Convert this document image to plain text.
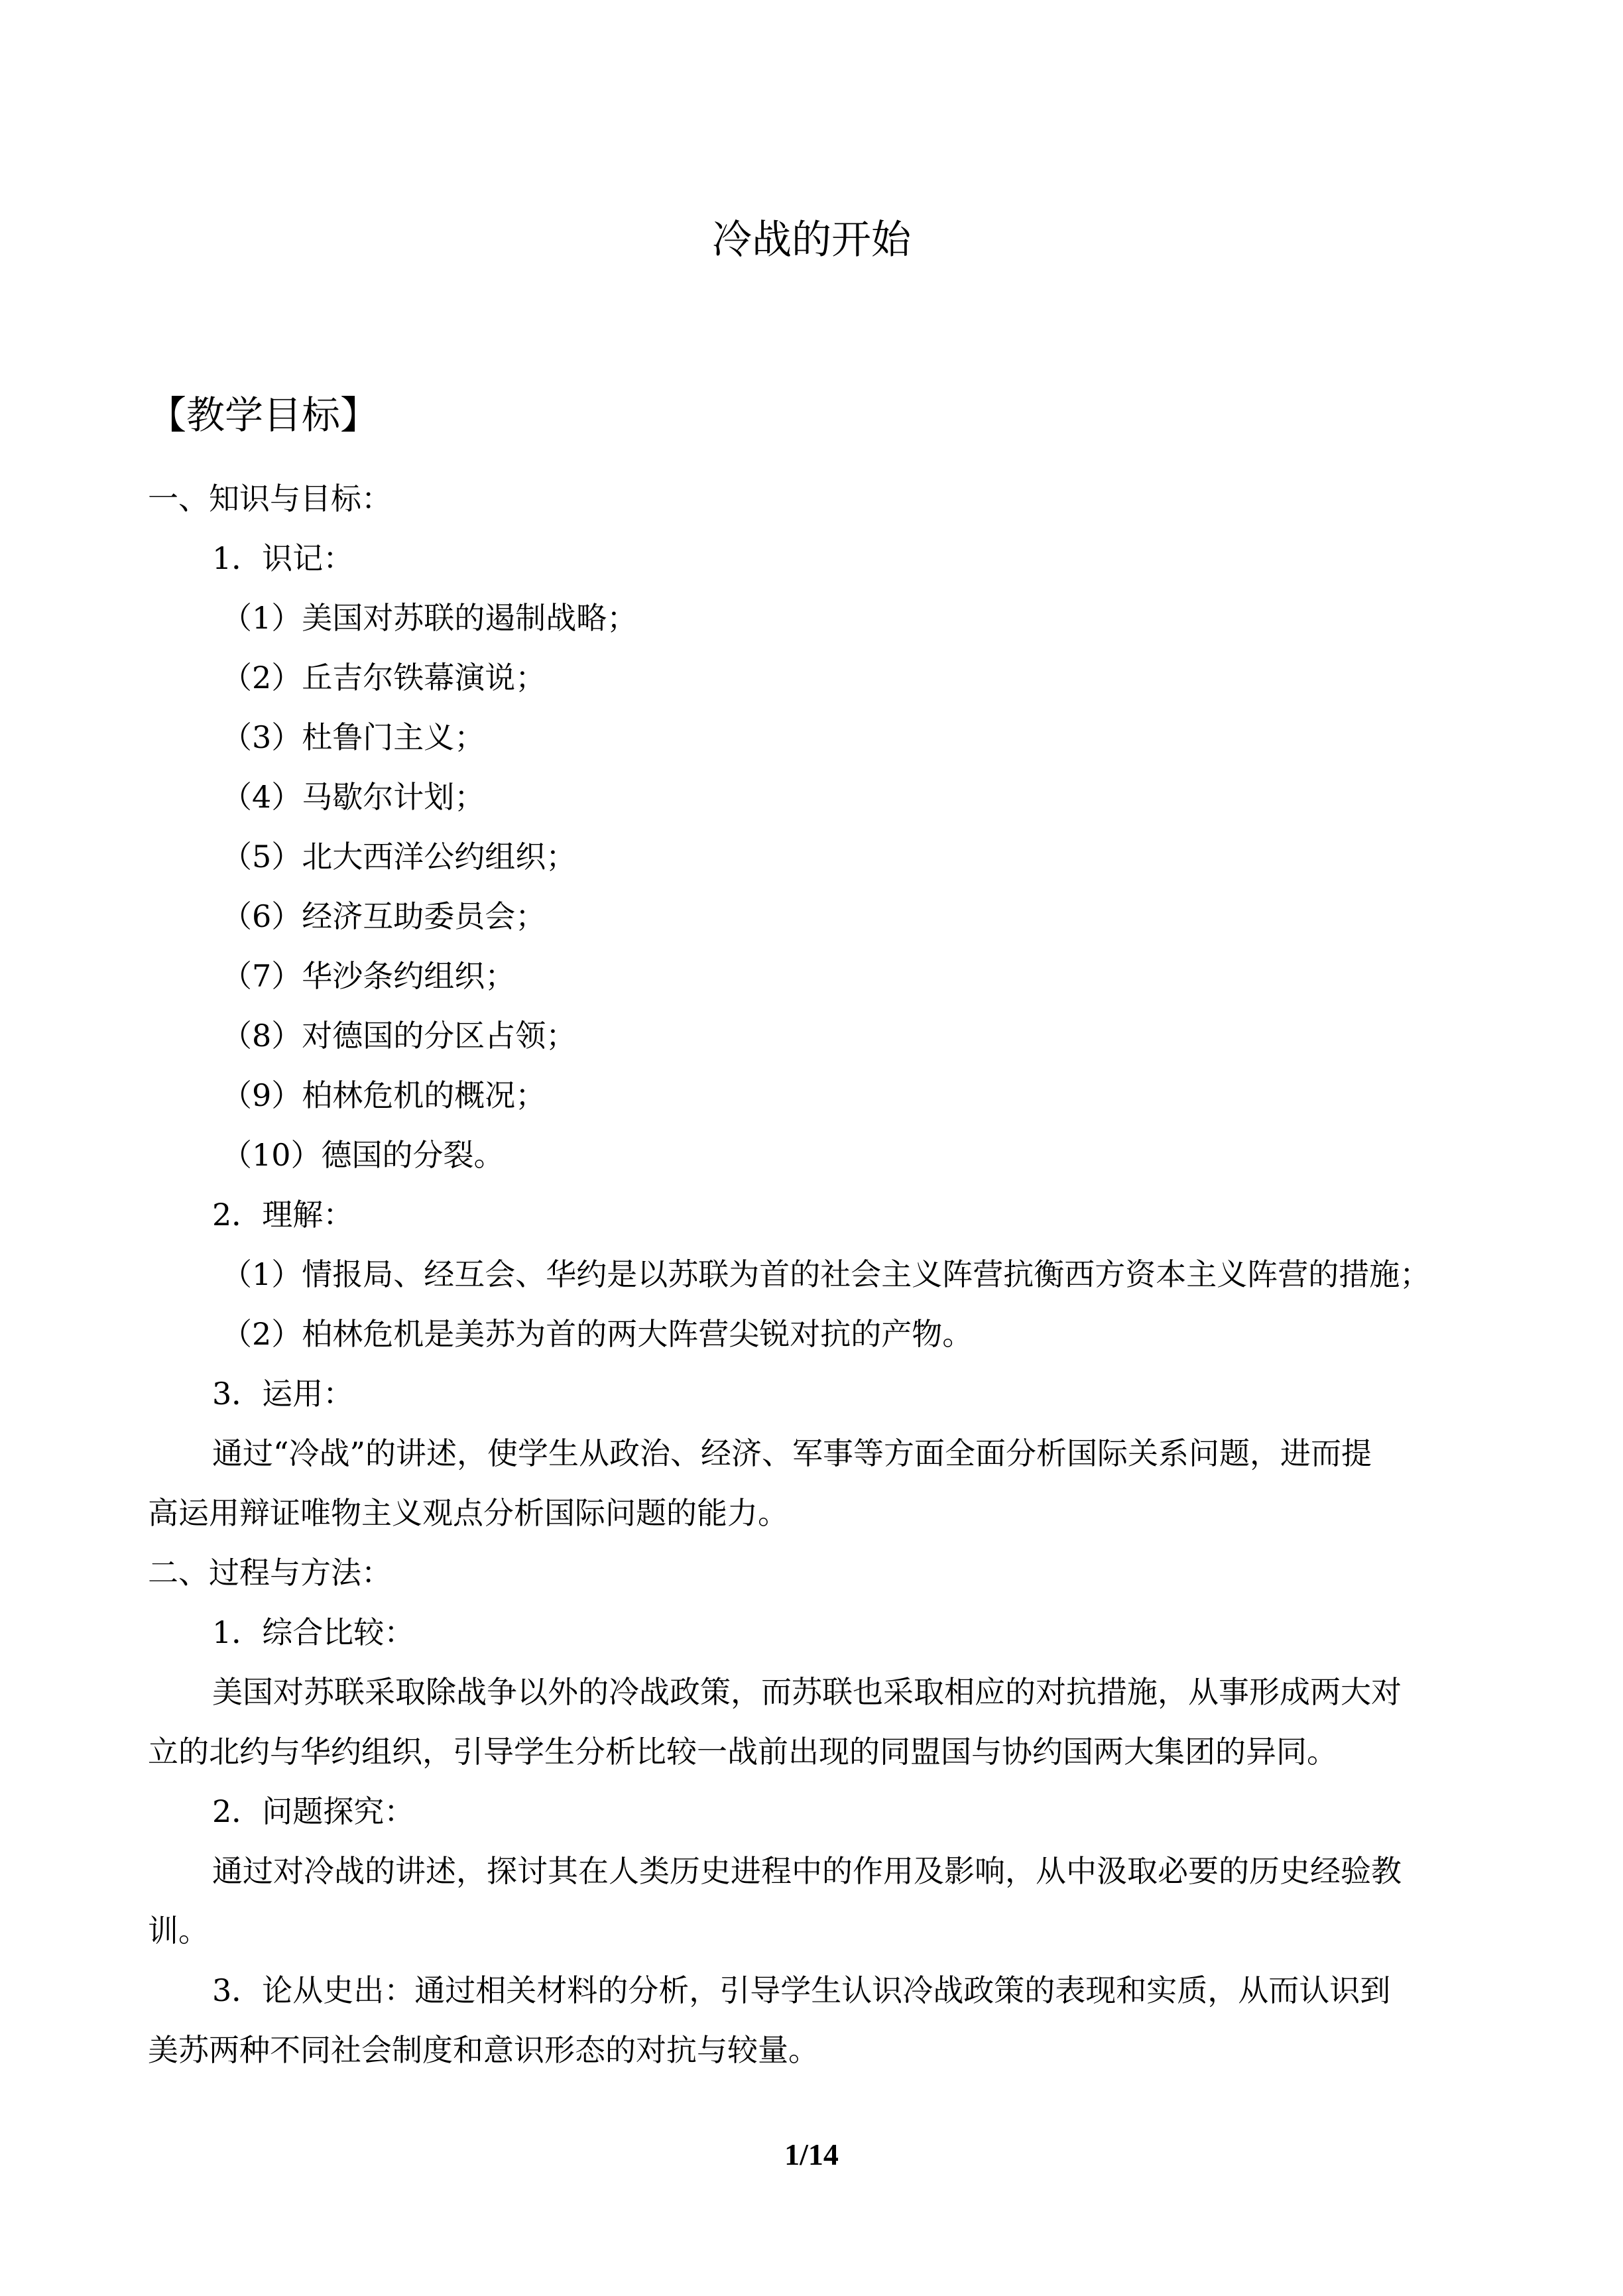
冷战的开始
【教学目标】
一、知识与目标：
1．识记：
（1）美国对苏联的遏制战略；
（2）丘吉尔铁幕演说；
（3）杜鲁门主义；
（4）马歇尔计划；
（5）北大西洋公约组织；
（6）经济互助委员会；
（7）华沙条约组织；
（8）对德国的分区占领；
（9）柏林危机的概况；
（10）德国的分裂。
2．理解：
（1）情报局、经互会、华约是以苏联为首的社会主义阵营抗衡西方资本主义阵营的措施；
（2）柏林危机是美苏为首的两大阵营尖锐对抗的产物。
3．运用：
通过“冷战”的讲述，使学生从政治、经济、军事等方面全面分析国际关系问题，进而提
高运用辩证唯物主义观点分析国际问题的能力。
二、过程与方法：
1．综合比较：
美国对苏联采取除战争以外的冷战政策，而苏联也采取相应的对抗措施，从事形成两大对
立的北约与华约组织，引导学生分析比较一战前出现的同盟国与协约国两大集团的异同。
2．问题探究：
通过对冷战的讲述，探讨其在人类历史进程中的作用及影响，从中汲取必要的历史经验教
训。
3．论从史出：通过相关材料的分析，引导学生认识冷战政策的表现和实质，从而认识到
美苏两种不同社会制度和意识形态的对抗与较量。
1/14
